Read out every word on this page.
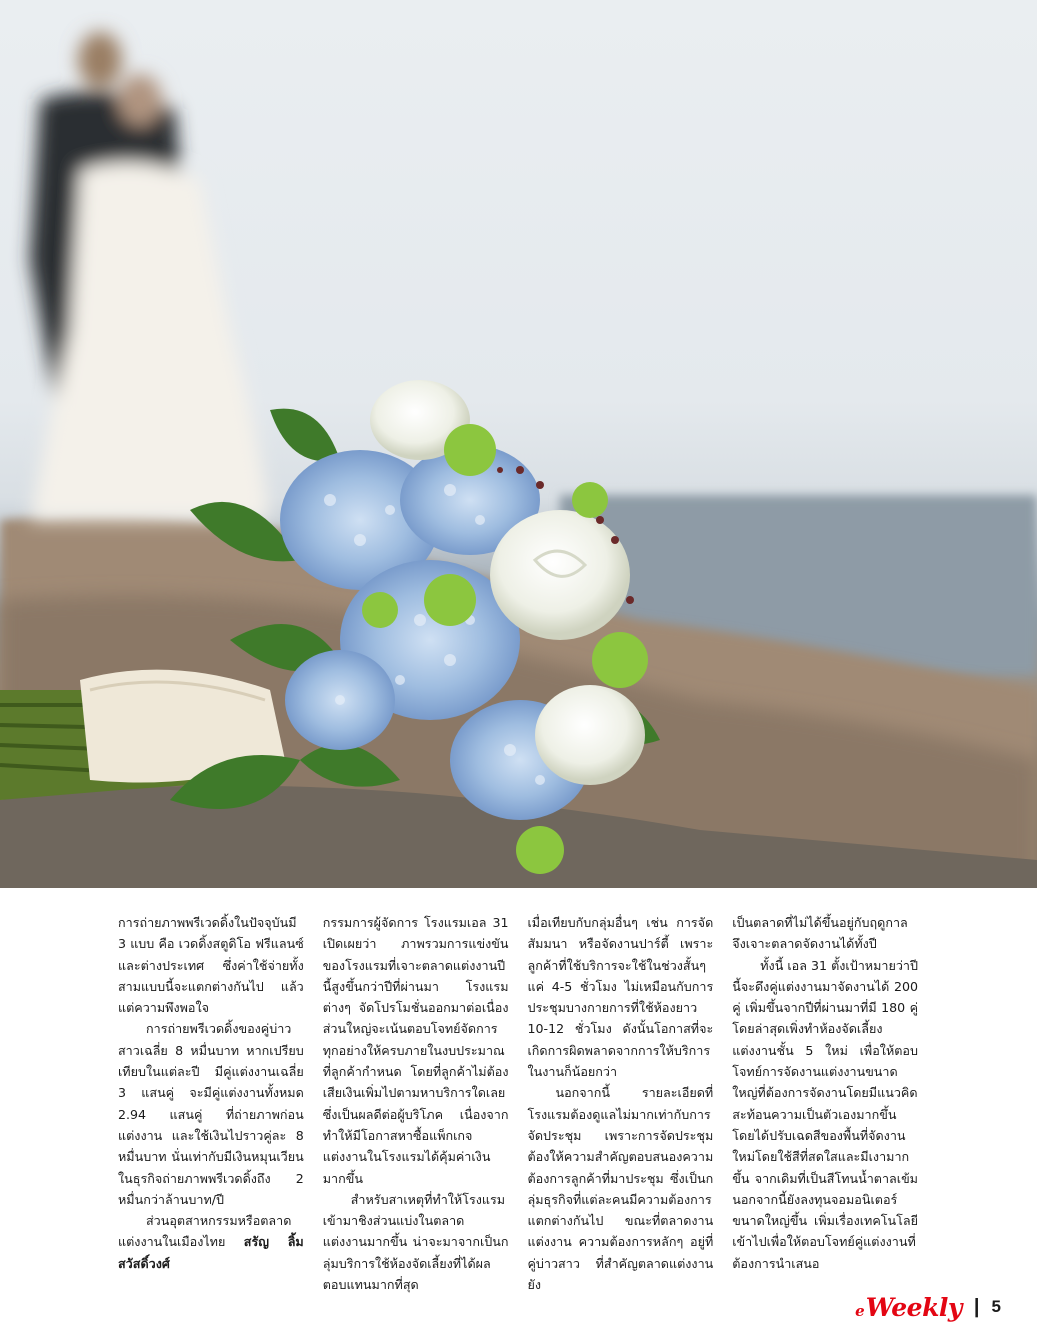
การถ่ายภาพพรีเวดดิ้งในปัจจุบันมี 3 แบบ คือ เวดดิ้งสตูดิโอ ฟรีแลนซ์ และต่างประเทศ ซึ่งค่าใช้จ่ายทั้งสามแบบนี้จะแตกต่างกันไป แล้วแต่ความพึงพอใจ

การถ่ายพรีเวดดิ้งของคู่บ่าวสาวเฉลี่ย 8 หมื่นบาท หากเปรียบเทียบในแต่ละปี มีคู่แต่งงานเฉลี่ย 3 แสนคู่ จะมีคู่แต่งงานทั้งหมด 2.94 แสนคู่ ที่ถ่ายภาพก่อนแต่งงาน และใช้เงินไปราวคู่ละ 8 หมื่นบาท นั่นเท่ากับมีเงินหมุนเวียนในธุรกิจถ่ายภาพพรีเวดดิ้งถึง 2 หมื่นกว่าล้านบาท/ปี

ส่วนอุตสาหกรรมหรือตลาดแต่งงานในเมืองไทย สรัญ ลิ้มสวัสดิ์วงศ์

กรรมการผู้จัดการ โรงแรมเอล 31 เปิดเผยว่า ภาพรวมการแข่งขันของโรงแรมที่เจาะตลาดแต่งงานปีนี้สูงขึ้นกว่าปีที่ผ่านมา โรงแรมต่างๆ จัดโปรโมชั่นออกมาต่อเนื่อง ส่วนใหญ่จะเน้นตอบโจทย์จัดการทุกอย่างให้ครบภายในงบประมาณที่ลูกค้ากำหนด โดยที่ลูกค้าไม่ต้องเสียเงินเพิ่มไปตามหาบริการใดเลย ซึ่งเป็นผลดีต่อผู้บริโภค เนื่องจากทำให้มีโอกาสหาซื้อแพ็กเกจแต่งงานในโรงแรมได้คุ้มค่าเงินมากขึ้น

สำหรับสาเหตุที่ทำให้โรงแรมเข้ามาชิงส่วนแบ่งในตลาดแต่งงานมากขึ้น น่าจะมาจากเป็นกลุ่มบริการใช้ห้องจัดเลี้ยงที่ได้ผลตอบแทนมากที่สุด

เมื่อเทียบกับกลุ่มอื่นๆ เช่น การจัดสัมมนา หรือจัดงานปาร์ตี้ เพราะลูกค้าที่ใช้บริการจะใช้ในช่วงสั้นๆ แค่ 4-5 ชั่วโมง ไม่เหมือนกับการประชุมบางกายการที่ใช้ห้องยาว 10-12 ชั่วโมง ดังนั้นโอกาสที่จะเกิดการผิดพลาดจากการให้บริการในงานก็น้อยกว่า

นอกจากนี้ รายละเอียดที่โรงแรมต้องดูแลไม่มากเท่ากับการจัดประชุม เพราะการจัดประชุมต้องให้ความสำคัญตอบสนองความต้องการลูกค้าที่มาประชุม ซึ่งเป็นกลุ่มธุรกิจที่แต่ละคนมีความต้องการแตกต่างกันไป ขณะที่ตลาดงานแต่งงาน ความต้องการหลักๆ อยู่ที่คู่บ่าวสาว ที่สำคัญตลาดแต่งงานยัง

เป็นตลาดที่ไม่ได้ขึ้นอยู่กับฤดูกาล จึงเจาะตลาดจัดงานได้ทั้งปี

ทั้งนี้ เอล 31 ตั้งเป้าหมายว่าปีนี้จะดึงคู่แต่งงานมาจัดงานได้ 200 คู่ เพิ่มขึ้นจากปีที่ผ่านมาที่มี 180 คู่ โดยล่าสุดเพิ่งทำห้องจัดเลี้ยงแต่งงานชั้น 5 ใหม่ เพื่อให้ตอบโจทย์การจัดงานแต่งงานขนาดใหญ่ที่ต้องการจัดงานโดยมีแนวคิดสะท้อนความเป็นตัวเองมากขึ้น โดยได้ปรับเฉดสีของพื้นที่จัดงานใหม่โดยใช้สีที่สดใสและมีเงามากขึ้น จากเดิมที่เป็นสีโทนน้ำตาลเข้ม นอกจากนี้ยังลงทุนจอมอนิเตอร์ขนาดใหญ่ขึ้น เพิ่มเรื่องเทคโนโลยีเข้าไปเพื่อให้ตอบโจทย์คู่แต่งงานที่ต้องการนำเสนอ

e Weekly | 5
